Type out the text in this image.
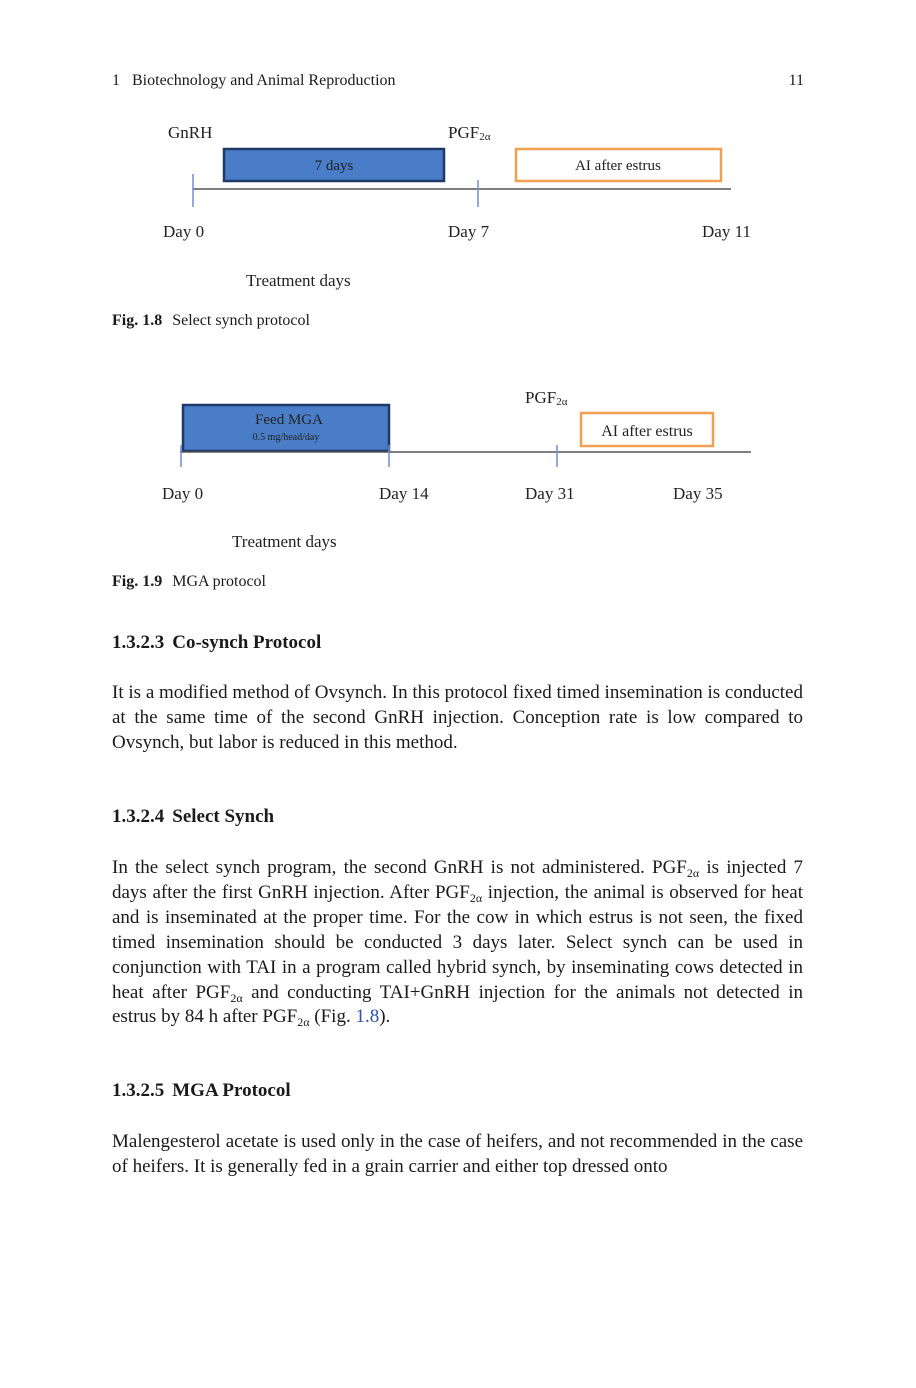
1   Biotechnology and Animal Reproduction	11
GnRH	PGF2α
7 days	AI after estrus
Day 0	Day 7	Day 11
Treatment days
Fig. 1.8 Select synch protocol
PGF2α
Feed MGA
0.5 mg/head/day	AI after estrus
Day 0	Day 14	Day 31	Day 35
Treatment days
Fig. 1.9 MGA protocol
1.3.2.3 Co-synch Protocol

It is a modified method of Ovsynch. In this protocol fixed timed insemination is conducted at the same time of the second GnRH injection. Conception rate is low compared to Ovsynch, but labor is reduced in this method.

1.3.2.4 Select Synch

In the select synch program, the second GnRH is not administered. $PGF_{2\alpha}$ is injected 7 days after the first GnRH injection. After $PGF_{2\alpha}$ injection, the animal is observed for heat and is inseminated at the proper time. For the cow in which estrus is not seen, the fixed timed insemination should be conducted 3 days later. Select synch can be used in conjunction with TAI in a program called hybrid synch, by inseminating cows detected in heat after $PGF_{2\alpha}$ and conducting TAI+GnRH injection for the animals not detected in estrus by 84 h after $PGF_{2\alpha}$ (Fig. 1.8).

1.3.2.5 MGA Protocol

Malengesterol acetate is used only in the case of heifers, and not recommended in the case of heifers. It is generally fed in a grain carrier and either top dressed onto
